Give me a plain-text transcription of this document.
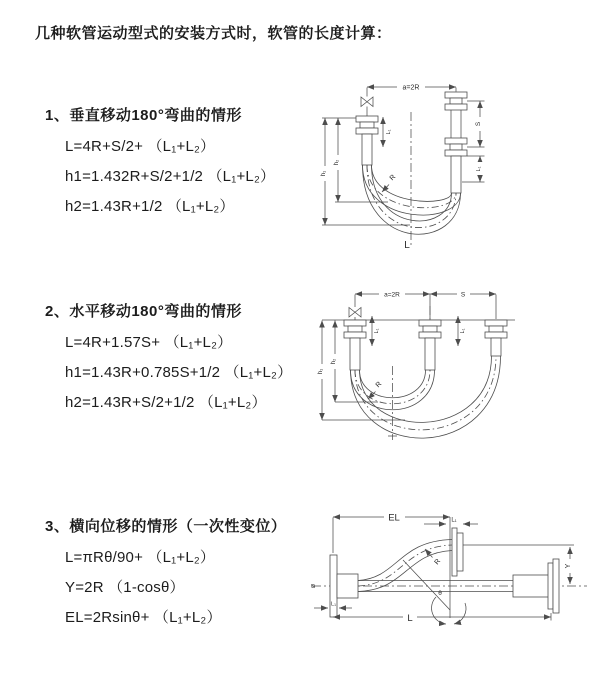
几种软管运动型式的安装方式时，软管的长度计算：
1、垂直移动180°弯曲的情形
L=4R+S/2+ （L₁+L₂）
h1=1.432R+S/2+1/2 （L₁+L₂）
h2=1.43R+1/2 （L₁+L₂）
2、水平移动180°弯曲的情形
L=4R+1.57S+ （L₁+L₂）
h1=1.43R+0.785S+1/2 （L₁+L₂）
h2=1.43R+S/2+1/2 （L₁+L₂）
3、横向位移的情形（一次性变位）
L=πRθ/90+ （L₁+L₂）
Y=2R （1-cosθ）
EL=2Rsinθ+ （L₁+L₂）
a=2R
S
L₁
L₁
h₁
h₂
R
L
a=2R	S
L₁	L₁
h₁
h₂
R
EL	L₁
Y
R
θ
L
L₁
Ø
